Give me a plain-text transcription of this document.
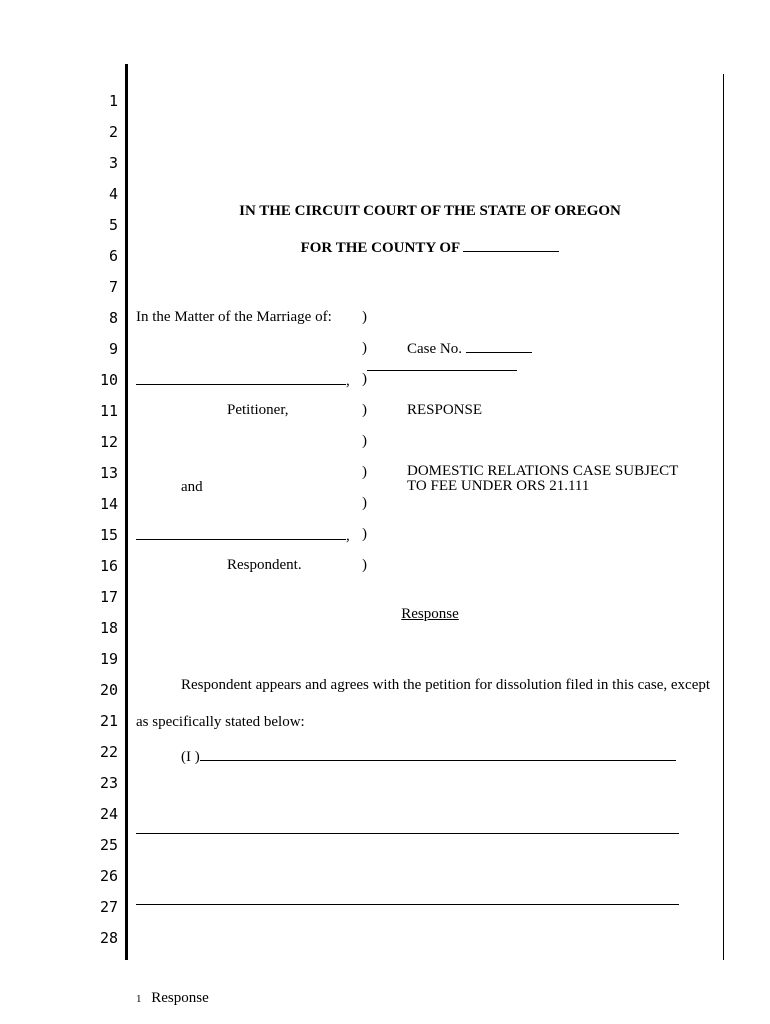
1
2
3
4
5
6
7
8
9
10
11
12
13
14
15
16
17
18
19
20
21
22
23
24
25
26
27
28
IN THE CIRCUIT COURT OF THE STATE OF OREGON
FOR THE COUNTY OF
In the Matter of the Marriage of:
,
Petitioner,
and
,
Respondent.
)
)
)
)
)
)
)
)
)
Case No.
RESPONSE
DOMESTIC RELATIONS CASE SUBJECT
TO FEE UNDER ORS 21.111
Response
Respondent appears and agrees with the petition for dissolution filed in this case, except
as specifically stated below:
(I )
1 Response
